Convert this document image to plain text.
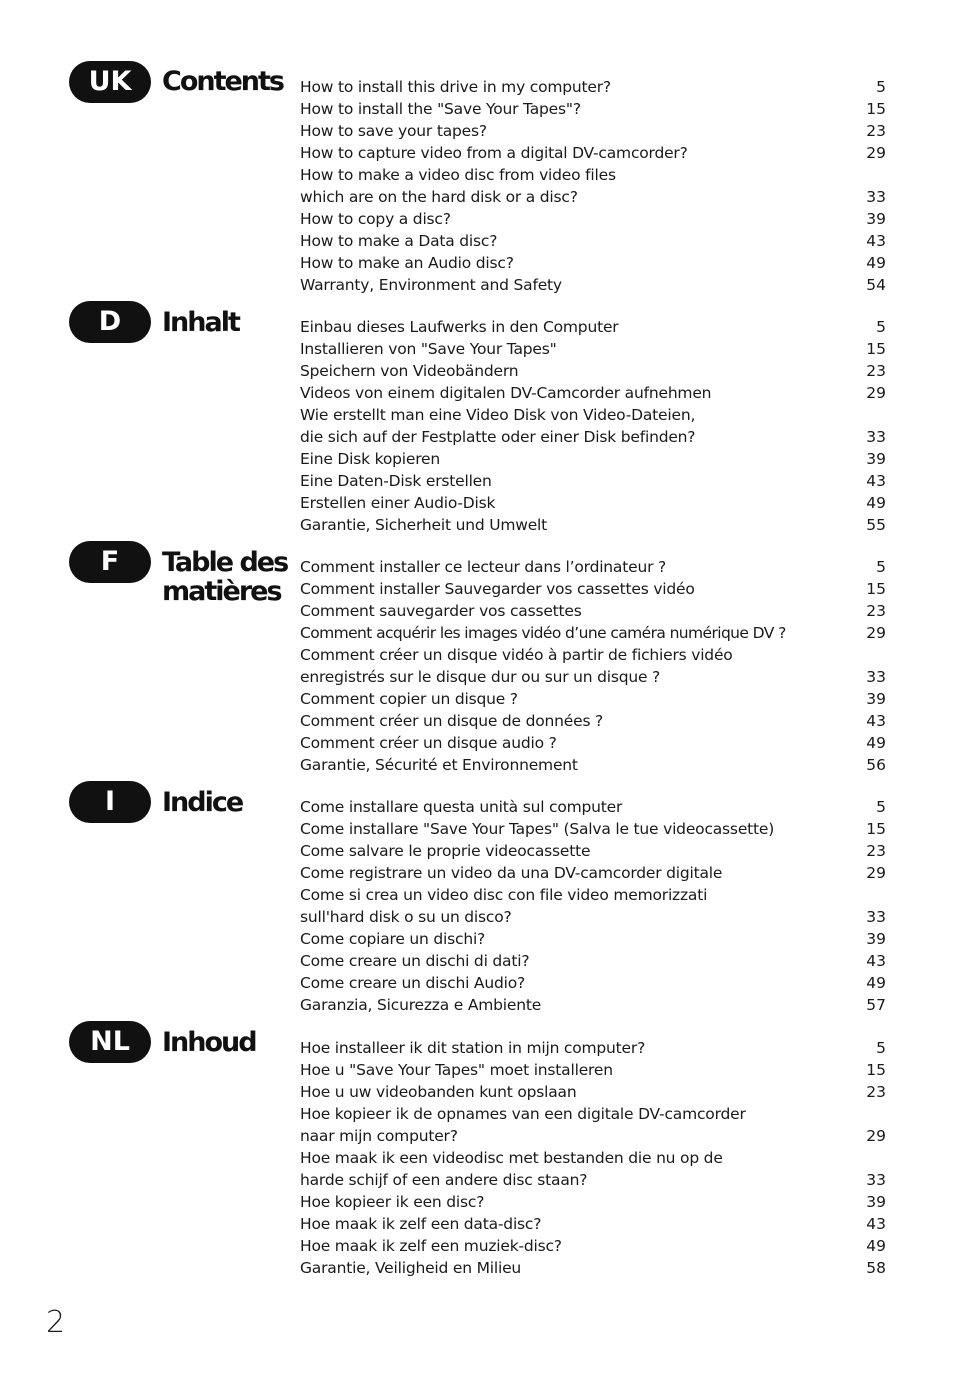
UK	Contents	How to install this drive in my computer?	5
How to install the "Save Your Tapes"?	15
How to save your tapes?	23
How to capture video from a digital DV-camcorder?	29
How to make a video disc from video files
which are on the hard disk or a disc?	33
How to copy a disc?	39
How to make a Data disc?	43
How to make an Audio disc?	49
Warranty, Environment and Safety	54
D	Inhalt	Einbau dieses Laufwerks in den Computer	5
Installieren von "Save Your Tapes"	15
Speichern von Videobändern	23
Videos von einem digitalen DV-Camcorder aufnehmen	29
Wie erstellt man eine Video Disk von Video-Dateien,
die sich auf der Festplatte oder einer Disk befinden?	33
Eine Disk kopieren	39
Eine Daten-Disk erstellen	43
Erstellen einer Audio-Disk	49
Garantie, Sicherheit und Umwelt	55
F	Table des
matières
Comment installer ce lecteur dans l’ordinateur ?	5
Comment installer Sauvegarder vos cassettes vidéo	15
Comment sauvegarder vos cassettes	23
Comment acquérir les images vidéo d’une caméra numérique DV ?	29
Comment créer un disque vidéo à partir de fichiers vidéo
enregistrés sur le disque dur ou sur un disque ?	33
Comment copier un disque ?	39
Comment créer un disque de données ?	43
Comment créer un disque audio ?	49
Garantie, Sécurité et Environnement	56
I	Indice	Come installare questa unità sul computer	5
Come installare "Save Your Tapes" (Salva le tue videocassette)	15
Come salvare le proprie videocassette	23
Come registrare un video da una DV-camcorder digitale	29
Come si crea un video disc con file video memorizzati
sull'hard disk o su un disco?	33
Come copiare un dischi?	39
Come creare un dischi di dati?	43
Come creare un dischi Audio?	49
Garanzia, Sicurezza e Ambiente	57
NL	Inhoud	Hoe installeer ik dit station in mijn computer?	5
Hoe u "Save Your Tapes" moet installeren	15
Hoe u uw videobanden kunt opslaan	23
Hoe kopieer ik de opnames van een digitale DV-camcorder
naar mijn computer?	29
Hoe maak ik een videodisc met bestanden die nu op de
harde schijf of een andere disc staan?	33
Hoe kopieer ik een disc?	39
Hoe maak ik zelf een data-disc?	43
Hoe maak ik zelf een muziek-disc?	49
Garantie, Veiligheid en Milieu	58
2
